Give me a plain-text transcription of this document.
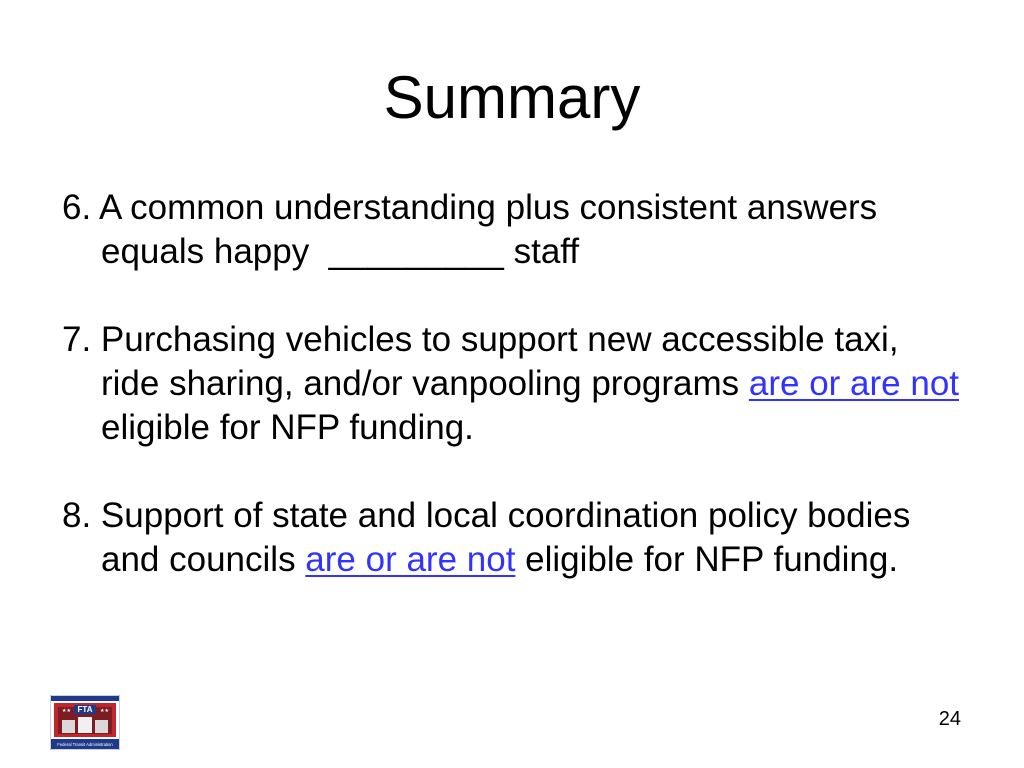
Summary

6. A common understanding plus consistent answers equals happy  _________ staff

7. Purchasing vehicles to support new accessible taxi, ride sharing, and/or vanpooling programs are or are not eligible for NFP funding.

8. Support of state and local coordination policy bodies and councils are or are not eligible for NFP funding.

FTA
★★	★★
Federal Transit Administration
24
